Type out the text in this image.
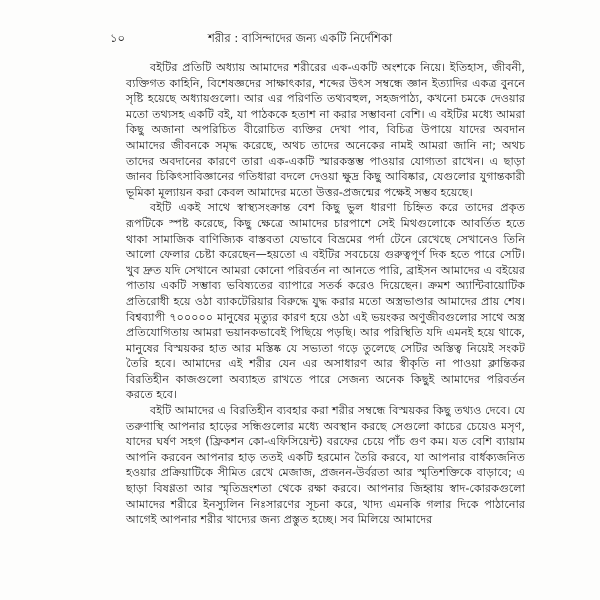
১০	শরীর : বাসিন্দাদের জন্য একটি নির্দেশিকা

বইটির প্রতিটি অধ্যায় আমাদের শরীরের এক-একটি অংশকে নিয়ে। ইতিহাস, জীবনী, ব্যক্তিগত কাহিনি, বিশেষজ্ঞদের সাক্ষাৎকার, শব্দের উৎস সম্বন্ধে জ্ঞান ইত্যাদির একত্র বুননে সৃষ্টি হয়েছে অধ্যায়গুলো। আর এর পরিণতি তথ্যবহুল, সহজপাঠ্য, কখনো চমকে দেওয়ার মতো তথ্যসহ একটি বই, যা পাঠককে হতাশ না করার সম্ভাবনা বেশি। এ বইটির মধ্যে আমরা কিছু অজানা অপরিচিত বীরোচিত ব্যক্তির দেখা পাব, বিচিত্র উপায়ে যাদের অবদান আমাদের জীবনকে সমৃদ্ধ করেছে, অথচ তাদের অনেকের নামই আমরা জানি না; অথচ তাদের অবদানের কারণে তারা এক-একটি স্মারকস্তম্ভ পাওয়ার যোগ্যতা রাখেন। এ ছাড়া জানব চিকিৎসাবিজ্ঞানের গতিধারা বদলে দেওয়া ক্ষুদ্র কিছু আবিষ্কার, যেগুলোর যুগান্তকারী ভূমিকা মূল্যায়ন করা কেবল আমাদের মতো উত্তর-প্রজন্মের পক্ষেই সম্ভব হয়েছে।

বইটি একই সাথে স্বাস্থ্যসংক্রান্ত বেশ কিছু ভুল ধারণা চিহ্নিত করে তাদের প্রকৃত রূপটিকে স্পষ্ট করেছে, কিছু ক্ষেত্রে আমাদের চারপাশে সেই মিথগুলোকে আবর্তিত হতে থাকা সামাজিক বাণিজ্যিক বাস্তবতা যেভাবে বিভ্রমের পর্দা টেনে রেখেছে সেখানেও তিনি আলো ফেলার চেষ্টা করেছেন—হয়তো এ বইটির সবচেয়ে গুরুত্বপূর্ণ দিক হতে পারে সেটি। খুব দ্রুত যদি সেখানে আমরা কোনো পরিবর্তন না আনতে পারি, ব্রাইসন আমাদের এ বইয়ের পাতায় একটি সম্ভাব্য ভবিষ্যতের ব্যাপারে সতর্ক করেও দিয়েছেন। ক্রমশ অ্যান্টিবায়োটিক প্রতিরোধী হয়ে ওঠা ব্যাকটেরিয়ার বিরুদ্ধে যুদ্ধ করার মতো অস্ত্রভাণ্ডার আমাদের প্রায় শেষ। বিশ্বব্যাপী ৭০০০০০ মানুষের মৃত্যুর কারণ হয়ে ওঠা এই ভয়ংকর অণুজীবগুলোর সাথে অস্ত্র প্রতিযোগিতায় আমরা ভয়ানকভাবেই পিছিয়ে পড়ছি। আর পরিস্থিতি যদি এমনই হয়ে থাকে, মানুষের বিস্ময়কর হাত আর মস্তিষ্ক যে সভ্যতা গড়ে তুলেছে সেটির অস্তিত্ব নিয়েই সংকট তৈরি হবে। আমাদের এই শরীর যেন এর অসাধারণ আর স্বীকৃতি না পাওয়া ক্লান্তিকর বিরতিহীন কাজগুলো অব্যাহত রাখতে পারে সেজন্য অনেক কিছুই আমাদের পরিবর্তন করতে হবে।

বইটি আমাদের এ বিরতিহীন ব্যবহার করা শরীর সম্বন্ধে বিস্ময়কর কিছু তথ্যও দেবে। যে তরুণাস্থি আপনার হাড়ের সন্ধিগুলোর মধ্যে অবস্থান করছে সেগুলো কাচের চেয়েও মসৃণ, যাদের ঘর্ষণ সহগ (ফ্রিকশন কো-এফিসিয়েন্ট) বরফের চেয়ে পাঁচ গুণ কম। যত বেশি ব্যায়াম আপনি করবেন আপনার হাড় ততই একটি হরমোন তৈরি করবে, যা আপনার বার্ধক্যজনিত হওয়ার প্রক্রিয়াটিকে সীমিত রেখে মেজাজ, প্রজনন-উর্বরতা আর স্মৃতিশক্তিকে বাড়াবে; এ ছাড়া বিষণ্ণতা আর স্মৃতিভ্রংশতা থেকে রক্ষা করবে। আপনার জিহ্বায় স্বাদ-কোরকগুলো আমাদের শরীরে ইনস্যুলিন নিঃসারণের সূচনা করে, খাদ্য এমনকি গলার দিকে পাঠানোর আগেই আপনার শরীর খাদ্যের জন্য প্রস্তুত হচ্ছে। সব মিলিয়ে আমাদের
